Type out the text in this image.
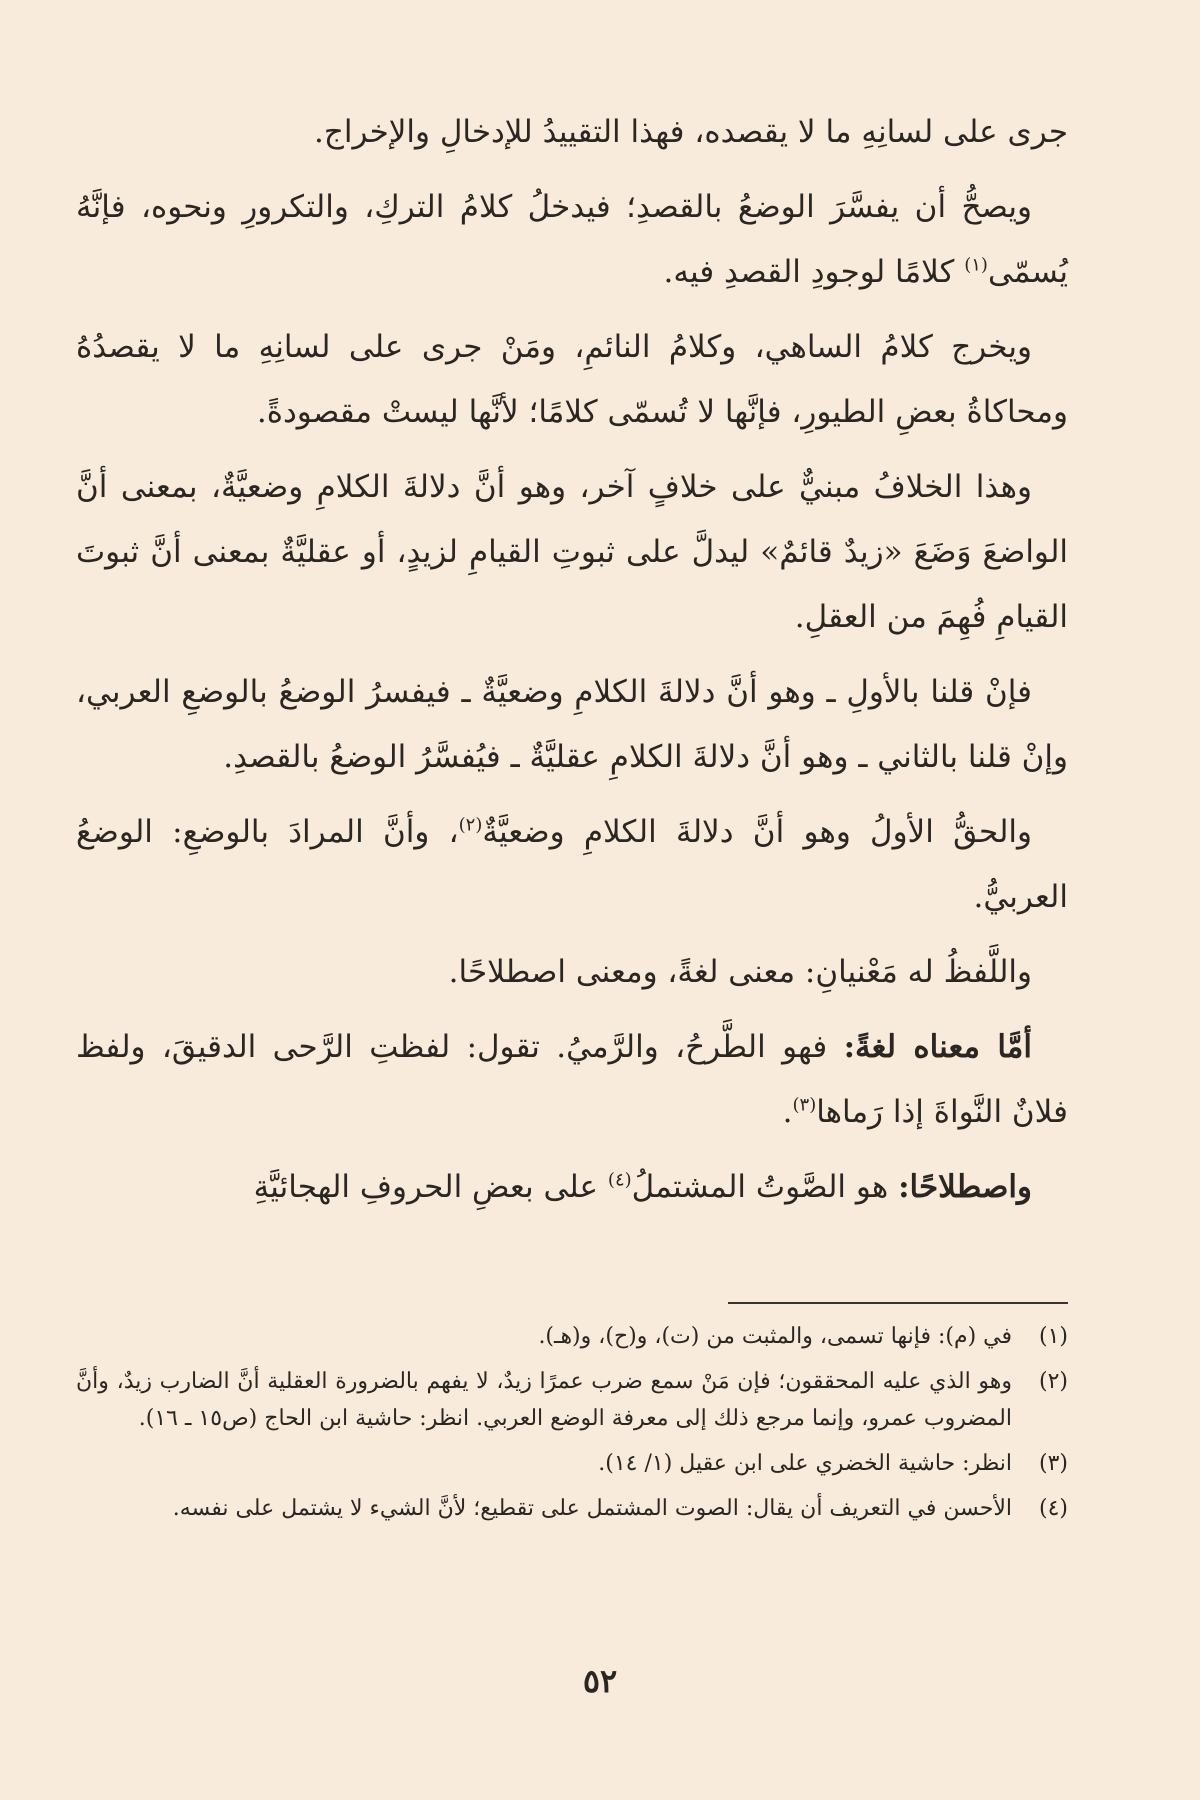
جرى على لسانِهِ ما لا يقصده، فهذا التقييدُ للإدخالِ والإخراج.

ويصحُّ أن يفسَّرَ الوضعُ بالقصدِ؛ فيدخلُ كلامُ التركِ، والتكرورِ ونحوه، فإنَّهُ يُسمّى$^{(١)}$ كلامًا لوجودِ القصدِ فيه.

ويخرج كلامُ الساهي، وكلامُ النائمِ، ومَنْ جرى على لسانِهِ ما لا يقصدُهُ ومحاكاةُ بعضِ الطيورِ، فإنَّها لا تُسمّى كلامًا؛ لأنَّها ليستْ مقصودةً.

وهذا الخلافُ مبنيٌّ على خلافٍ آخر، وهو أنَّ دلالةَ الكلامِ وضعيَّةٌ، بمعنى أنَّ الواضعَ وَضَعَ «زيدٌ قائمٌ» ليدلَّ على ثبوتِ القيامِ لزيدٍ، أو عقليَّةٌ بمعنى أنَّ ثبوتَ القيامِ فُهِمَ من العقلِ.

فإنْ قلنا بالأولِ ـ وهو أنَّ دلالةَ الكلامِ وضعيَّةٌ ـ فيفسرُ الوضعُ بالوضعِ العربي، وإنْ قلنا بالثاني ـ وهو أنَّ دلالةَ الكلامِ عقليَّةٌ ـ فيُفسَّرُ الوضعُ بالقصدِ.

والحقُّ الأولُ وهو أنَّ دلالةَ الكلامِ وضعيَّةٌ$^{(٢)}$، وأنَّ المرادَ بالوضعِ: الوضعُ العربيُّ.

واللَّفظُ له مَعْنيانِ: معنى لغةً، ومعنى اصطلاحًا.

أمَّا معناه لغةً: فهو الطَّرحُ، والرَّميُ. تقول: لفظتِ الرَّحى الدقيقَ، ولفظ فلانٌ النَّواةَ إذا رَماها$^{(٣)}$.

واصطلاحًا: هو الصَّوتُ المشتملُ$^{(٤)}$ على بعضِ الحروفِ الهجائيَّةِ

(١)
في (م): فإنها تسمى، والمثبت من (ت)، و(ح)، و(هـ).
(٢)
وهو الذي عليه المحققون؛ فإن مَنْ سمع ضرب عمرًا زيدٌ، لا يفهم بالضرورة العقلية أنَّ الضارب زيدٌ، وأنَّ المضروب عمرو، وإنما مرجع ذلك إلى معرفة الوضع العربي. انظر: حاشية ابن الحاج (ص١٥ ـ ١٦).
(٣)
انظر: حاشية الخضري على ابن عقيل (١/ ١٤).
(٤)
الأحسن في التعريف أن يقال: الصوت المشتمل على تقطيع؛ لأنَّ الشيء لا يشتمل على نفسه.
٥٢
